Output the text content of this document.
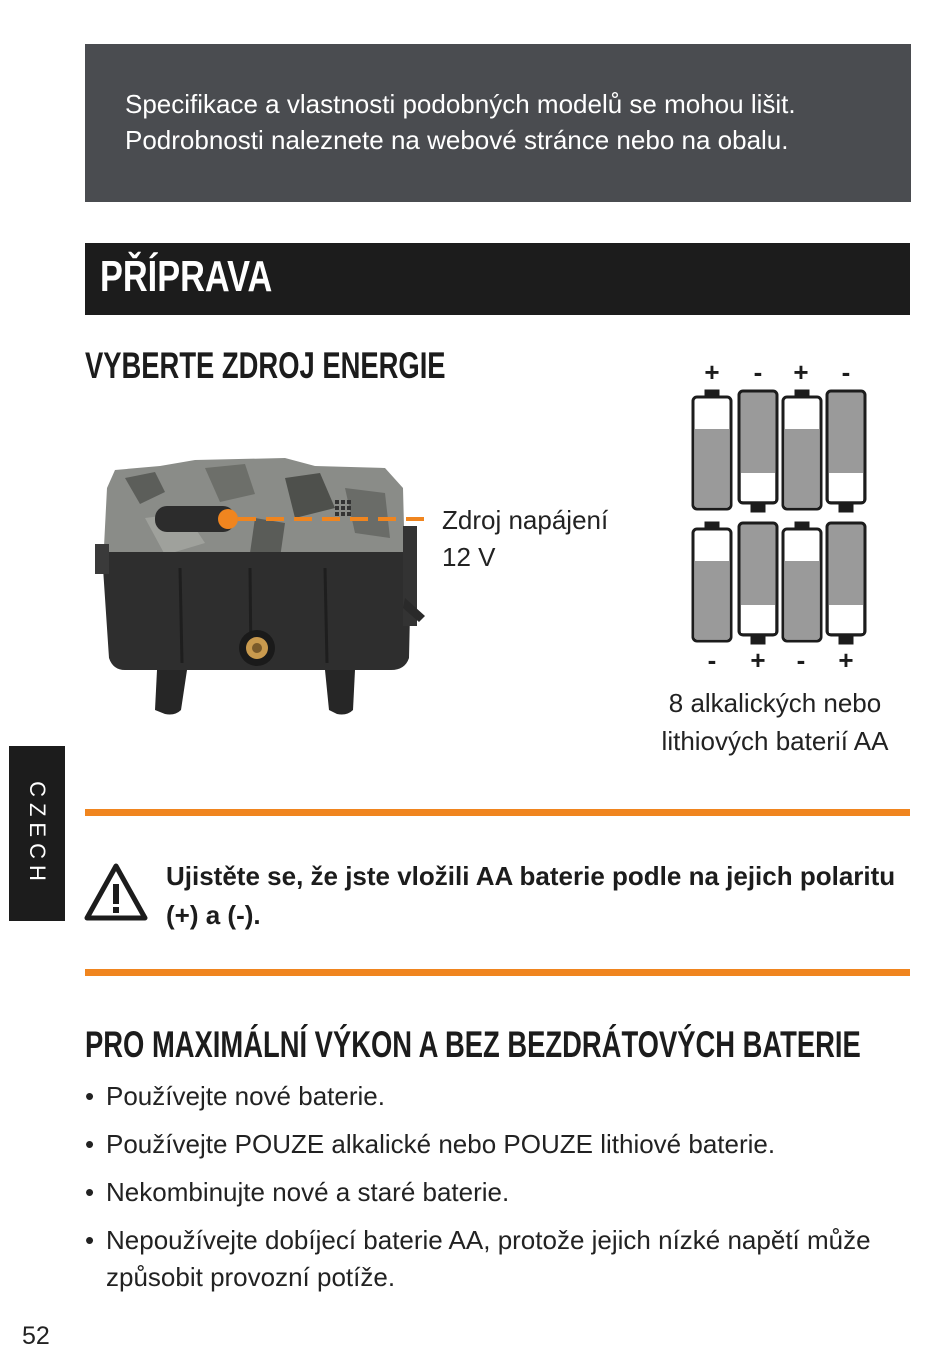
Specifikace a vlastnosti podobných modelů se mohou lišit.
Podrobnosti naleznete na webové stránce nebo na obalu.
PŘÍPRAVA
VYBERTE ZDROJ ENERGIE
Zdroj napájení
12 V
+ - + -
- + - +
8 alkalických nebo
lithiových baterií AA
Ujistěte se, že jste vložili AA baterie podle na jejich polaritu (+) a (-).
PRO MAXIMÁLNÍ VÝKON A BEZ BEZDRÁTOVÝCH BATERIE
• Používejte nové baterie.
• Používejte POUZE alkalické nebo POUZE lithiové baterie.
• Nekombinujte nové a staré baterie.
• Nepoužívejte dobíjecí baterie AA, protože jejich nízké napětí může způsobit provozní potíže.
CZECH
52
